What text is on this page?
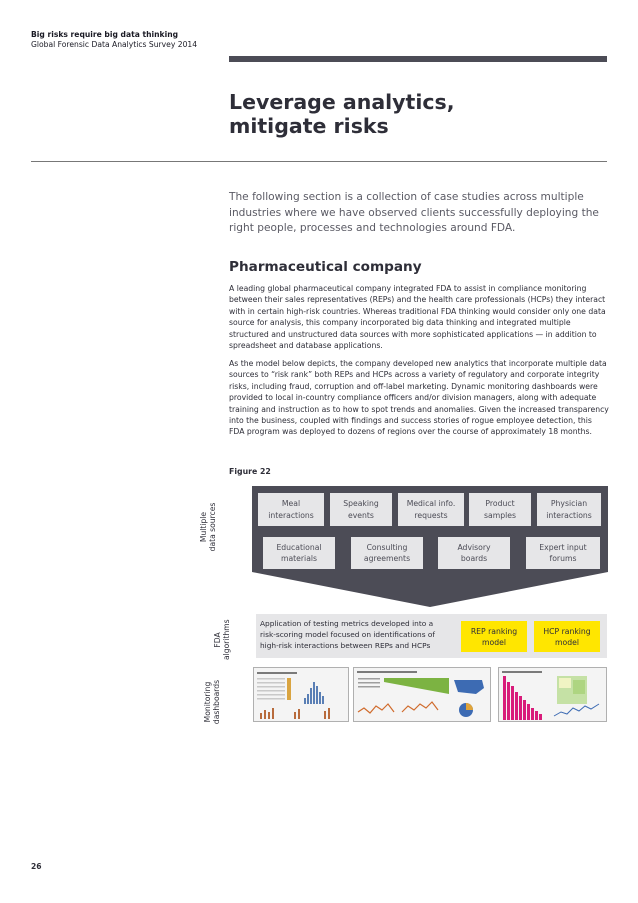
Big risks require big data thinking
Global Forensic Data Analytics Survey 2014
Leverage analytics,
mitigate risks
The following section is a collection of case studies across multiple industries where we have observed clients successfully deploying the right people, processes and technologies around FDA.
Pharmaceutical company
A leading global pharmaceutical company integrated FDA to assist in compliance monitoring between their sales representatives (REPs) and the health care professionals (HCPs) they interact with in certain high-risk countries. Whereas traditional FDA thinking would consider only one data source for analysis, this company incorporated big data thinking and integrated multiple structured and unstructured data sources with more sophisticated applications — in addition to spreadsheet and database applications.
As the model below depicts, the company developed new analytics that incorporate multiple data sources to “risk rank” both REPs and HCPs across a variety of regulatory and corporate integrity risks, including fraud, corruption and off-label marketing. Dynamic monitoring dashboards were provided to local in-country compliance officers and/or division managers, along with adequate training and instruction as to how to spot trends and anomalies. Given the increased transparency into the business, coupled with findings and success stories of rogue employee detection, this FDA program was deployed to dozens of regions over the course of approximately 18 months.
Figure 22
Multiple data sources
FDA algorithms
Monitoring dashboards
Meal
interactions
Speaking
events
Medical info.
requests
Product
samples
Physician
interactions
Educational
materials
Consulting
agreements
Advisory
boards
Expert input
forums
Application of testing metrics developed into a
risk-scoring model focused on identifications of
high-risk interactions between REPs and HCPs
REP ranking
model
HCP ranking
model
26
